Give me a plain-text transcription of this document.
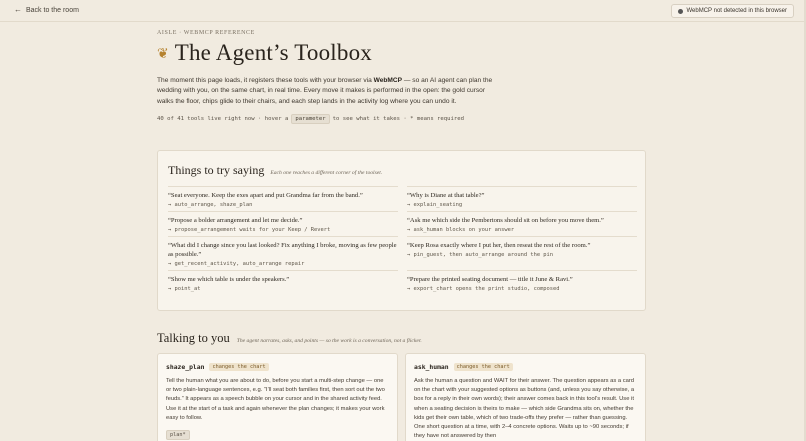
← Back to the room	WebMCP not detected in this browser
AISLE · WEBMCP REFERENCE
❦ The Agent’s Toolbox

The moment this page loads, it registers these tools with your browser via WebMCP — so an AI agent can plan the wedding with you, on the same chart, in real time. Every move it makes is performed in the open: the gold cursor walks the floor, chips glide to their chairs, and each step lands in the activity log where you can undo it.

40 of 41 tools live right now · hover a	parameter	to see what it takes · * means required
Things to try saying Each one reaches a different corner of the toolset.
“Seat everyone. Keep the exes apart and put Grandma far from the band.”
→ auto_arrange, shaze_plan
“Why is Diane at that table?”
→ explain_seating
“Propose a bolder arrangement and let me decide.”
→ propose_arrangement waits for your Keep / Revert
“Ask me which side the Pembertons should sit on before you move them.”
→ ask_human blocks on your answer
“What did I change since you last looked? Fix anything I broke, moving as few people as possible.”
→ get_recent_activity, auto_arrange repair
“Keep Rosa exactly where I put her, then reseat the rest of the room.”
→ pin_guest, then auto_arrange around the pin
“Show me which table is under the speakers.”
→ point_at
“Prepare the printed seating document — title it June & Ravi.”
→ export_chart opens the print studio, composed
Talking to you The agent narrates, asks, and points — so the work is a conversation, not a flicker.
shaze_plan	changes the chart
Tell the human what you are about to do, before you start a multi-step change — one or two plain-language sentences, e.g. “I’ll seat both families first, then sort out the two feuds.” It appears as a speech bubble on your cursor and in the shared activity feed. Use it at the start of a task and again whenever the plan changes; it makes your work easy to follow.
plan*
ask_human	changes the chart
Ask the human a question and WAIT for their answer. The question appears as a card on the chart with your suggested options as buttons (and, unless you say otherwise, a box for a reply in their own words); their answer comes back in this tool’s result. Use it when a seating decision is theirs to make — which side Grandma sits on, whether the kids get their own table, which of two trade-offs they prefer — rather than guessing. One short question at a time, with 2–4 concrete options. Waits up to ~90 seconds; if they have not answered by then
